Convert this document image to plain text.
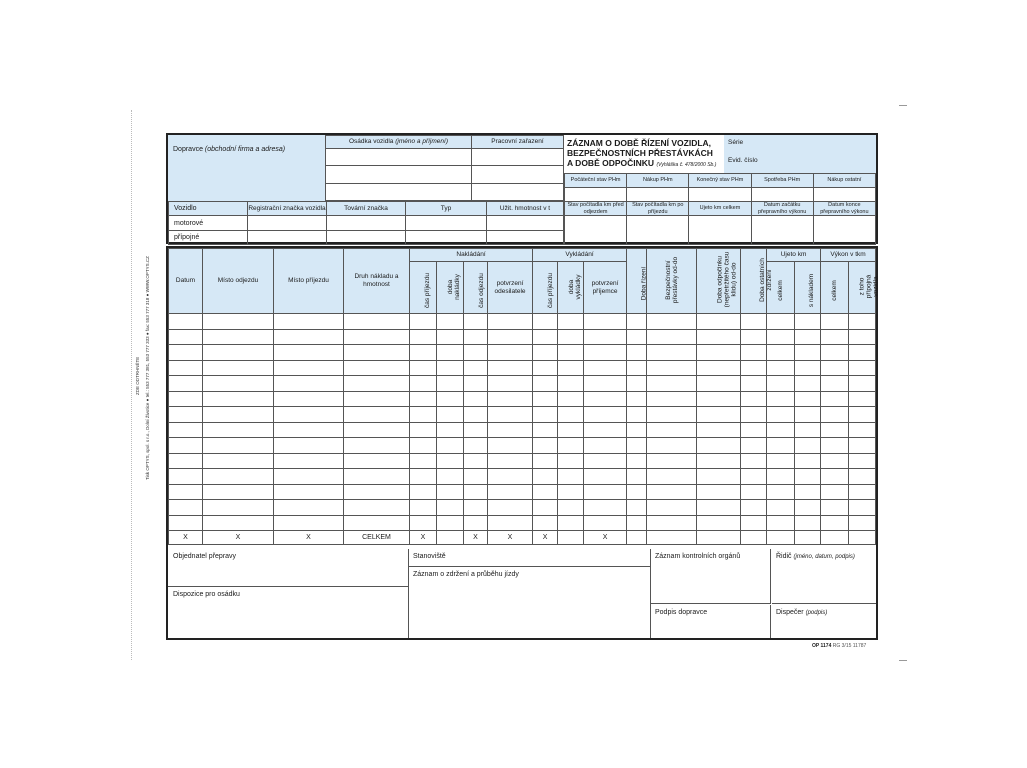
Tisk OPTYS, spol. s r.o., Dolní Životice ● tel.: 553 777 381, 553 777 333 ● fax: 553 777 318 ● WWW.OPTYS.CZ
ZDE ODTRHNĚTE
Dopravce (obchodní firma a adresa)
Osádka vozidla (jméno a příjmení)	Pracovní zařazení

		ZÁZNAM O DOBĚ ŘÍZENÍ VOZIDLA,
BEZPEČNOSTNÍCH PŘESTÁVKÁCH
A DOBĚ ODPOČINKU (Vyhláška č. 478/2000 Sb.)
Série
Evid. číslo
Počáteční stav PHm	Nákup PHm	Konečný stav PHm	Spotřeba PHm	Nákup ostatní

Stav počítadla km před odjezdem	Stav počítadla km po příjezdu	Ujeto km celkem	Datum začátku přepravního výkonu	Datum konce přepravního výkonu

Vozidlo	Registrační značka vozidla	Tovární značka	Typ	Užit. hmotnost v t
motorové				
přípojné				
Datum	Místo odjezdu	Místo příjezdu	Druh nákladu a hmotnost	Nakládání				Vykládání			Doba řízení	Bezpečnostní přestávky od-do	Doba odpočinku (nepřetržitého času klidu) od-do	Doba ostatních zdržení	Ujeto km		Výkon v tkm	
				čas příjezdu	doba nakládky	čas odjezdu	potvrzení odesilatele	čas příjezdu	doba vykládky	potvrzení příjemce					celkem	s nákladem	celkem	z toho přípojná vozidla

X	X	X	CELKEM	X		X	X	X		X								
Objednatel přepravy
Dispozice pro osádku
Stanoviště
Záznam o zdržení a průběhu jízdy
Záznam kontrolních orgánů	Řidič (jméno, datum, podpis)
Podpis dopravce	Dispečer (podpis)
OP 1174 RG 3/15 11787
